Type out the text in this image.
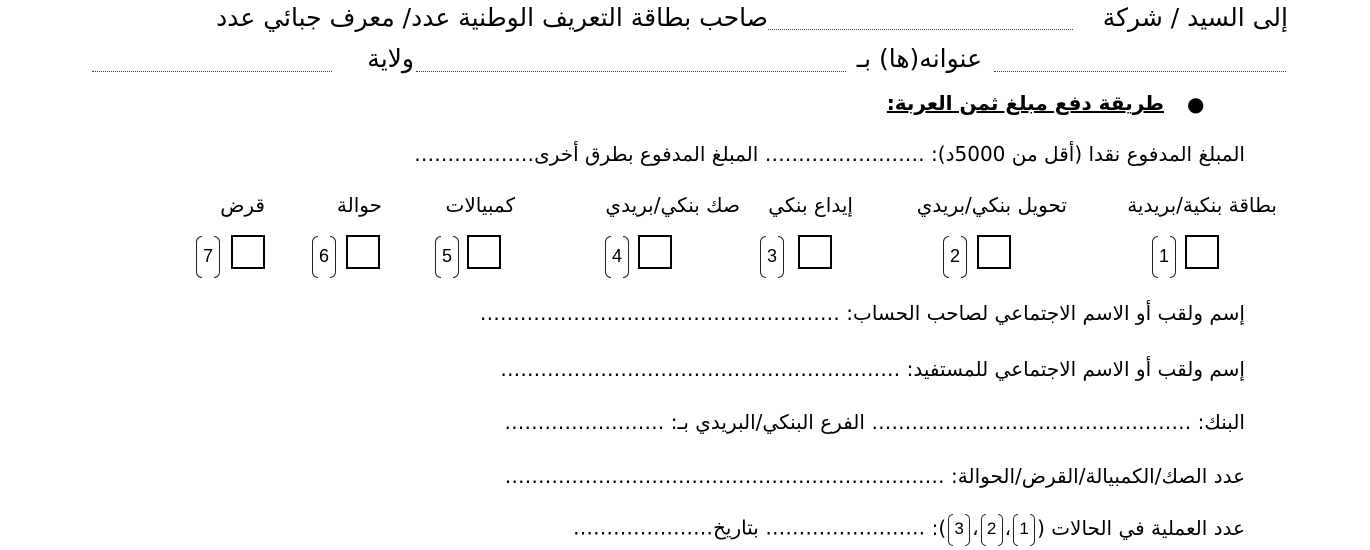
إلى السيد / شركة
صاحب بطاقة التعريف الوطنية عدد/ معرف جبائي عدد
عنوانه(ها) بـ
ولاية
●
طريقة دفع مبلغ ثمن العربة:
المبلغ المدفوع نقدا (أقل من 5000د): …………………… المبلغ المدفوع بطرق أخرى………………
بطاقة بنكية/بريدية
تحويل بنكي/بريدي
إيداع بنكي
صك بنكي/بريدي
كمبيالات
حوالة
قرض
1
2
3
4
5
6
7
إسم ولقب أو الاسم الاجتماعي لصاحب الحساب: ………………………………………………
إسم ولقب أو الاسم الاجتماعي للمستفيد: ……………………………………………………
البنك: ………………………………………… الفرع البنكي/البريدي بـ: ……………………
عدد الصك/الكمبيالة/القرض/الحوالة: …………………………………………………………
عدد العملية في الحالات (1،2،3): …………………… بتاريخ…………………
